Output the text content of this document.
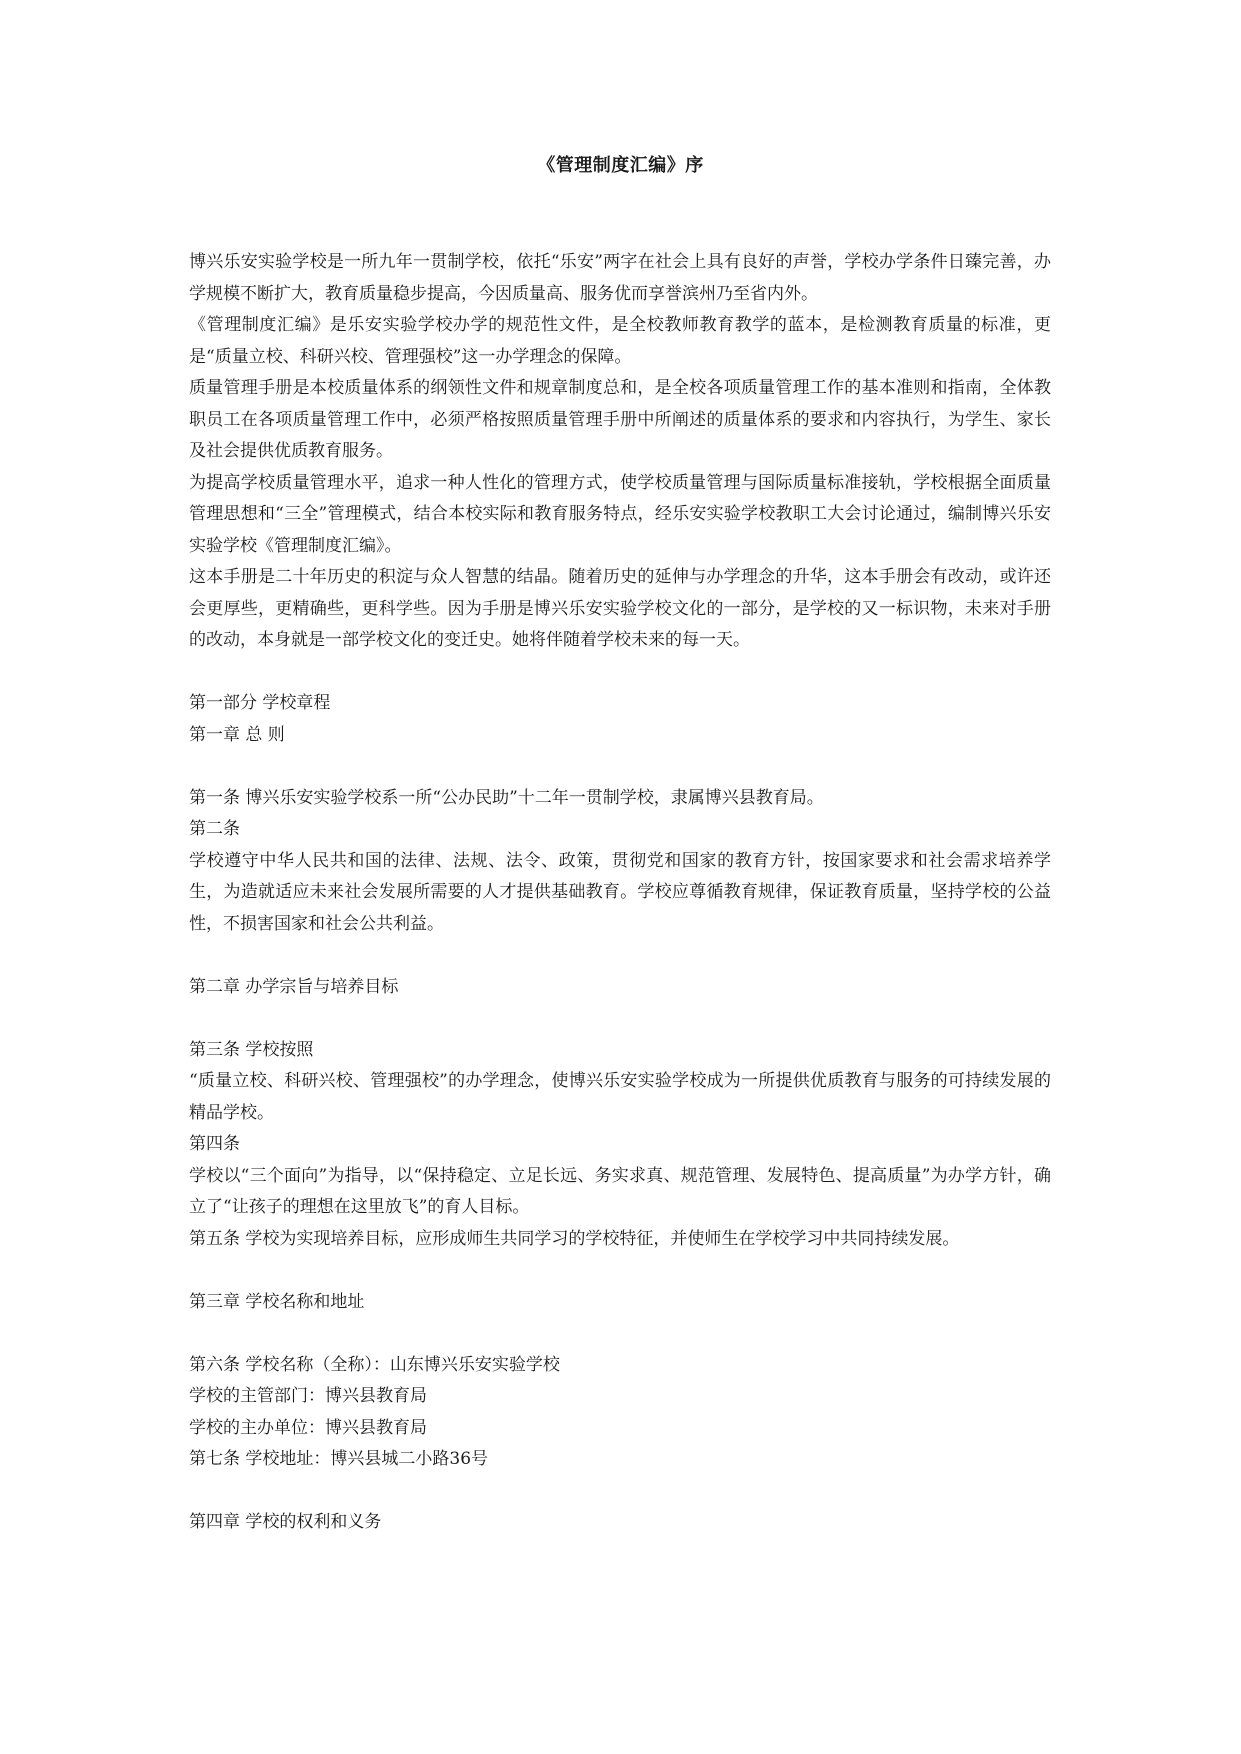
《管理制度汇编》序

博兴乐安实验学校是一所九年一贯制学校，依托“乐安”两字在社会上具有良好的声誉，学校办学条件日臻完善，办学规模不断扩大，教育质量稳步提高，今因质量高、服务优而享誉滨州乃至省内外。

《管理制度汇编》是乐安实验学校办学的规范性文件，是全校教师教育教学的蓝本，是检测教育质量的标准，更是“质量立校、科研兴校、管理强校”这一办学理念的保障。

质量管理手册是本校质量体系的纲领性文件和规章制度总和，是全校各项质量管理工作的基本准则和指南，全体教职员工在各项质量管理工作中，必须严格按照质量管理手册中所阐述的质量体系的要求和内容执行，为学生、家长及社会提供优质教育服务。

为提高学校质量管理水平，追求一种人性化的管理方式，使学校质量管理与国际质量标准接轨，学校根据全面质量管理思想和“三全”管理模式，结合本校实际和教育服务特点，经乐安实验学校教职工大会讨论通过，编制博兴乐安实验学校《管理制度汇编》。

这本手册是二十年历史的积淀与众人智慧的结晶。随着历史的延伸与办学理念的升华，这本手册会有改动，或许还会更厚些，更精确些，更科学些。因为手册是博兴乐安实验学校文化的一部分，是学校的又一标识物，未来对手册的改动，本身就是一部学校文化的变迁史。她将伴随着学校未来的每一天。

第一部分 学校章程

第一章 总 则

第一条 博兴乐安实验学校系一所“公办民助”十二年一贯制学校，隶属博兴县教育局。

第二条

学校遵守中华人民共和国的法律、法规、法令、政策，贯彻党和国家的教育方针，按国家要求和社会需求培养学生，为造就适应未来社会发展所需要的人才提供基础教育。学校应尊循教育规律，保证教育质量，坚持学校的公益性，不损害国家和社会公共利益。

第二章 办学宗旨与培养目标

第三条 学校按照

“质量立校、科研兴校、管理强校”的办学理念，使博兴乐安实验学校成为一所提供优质教育与服务的可持续发展的精品学校。

第四条

学校以“三个面向”为指导，以“保持稳定、立足长远、务实求真、规范管理、发展特色、提高质量”为办学方针，确立了“让孩子的理想在这里放飞”的育人目标。

第五条 学校为实现培养目标，应形成师生共同学习的学校特征，并使师生在学校学习中共同持续发展。

第三章 学校名称和地址

第六条 学校名称（全称）：山东博兴乐安实验学校

学校的主管部门：博兴县教育局

学校的主办单位：博兴县教育局

第七条 学校地址：博兴县城二小路36号

第四章 学校的权利和义务
